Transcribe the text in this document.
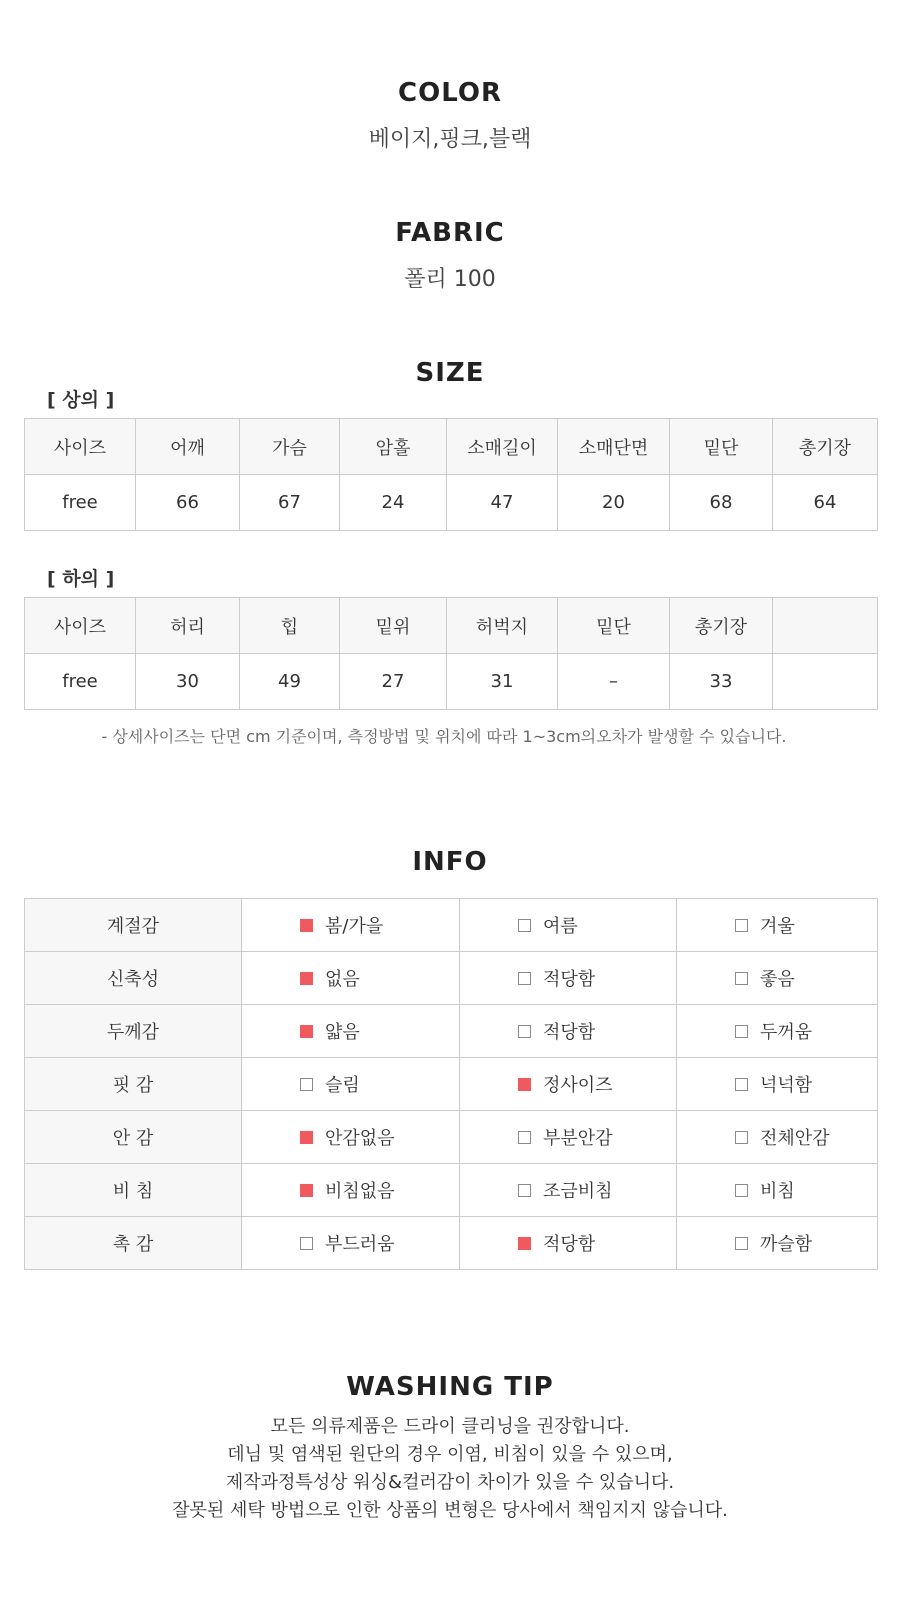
COLOR
베이지,핑크,블랙
FABRIC
폴리 100
SIZE
[ 상의 ]
사이즈	어깨	가슴	암홀	소매길이	소매단면	밑단	총기장
free	66	67	24	47	20	68	64
[ 하의 ]
사이즈	허리	힙	밑위	허벅지	밑단	총기장	
free	30	49	27	31	–	33	
- 상세사이즈는 단면 cm 기준이며, 측정방법 및 위치에 따라 1~3cm의오차가 발생할 수 있습니다.
INFO
계절감	봄/가을	여름	겨울

신축성	없음	적당함	좋음

두께감	얇음	적당함	두꺼움

핏 감	슬림	정사이즈	넉넉함

안 감	안감없음	부분안감	전체안감

비 침	비침없음	조금비침	비침

촉 감	부드러움	적당함	까슬함
WASHING TIP
모든 의류제품은 드라이 클리닝을 권장합니다.
데님 및 염색된 원단의 경우 이염, 비침이 있을 수 있으며,
제작과정특성상 워싱&컬러감이 차이가 있을 수 있습니다.
잘못된 세탁 방법으로 인한 상품의 변형은 당사에서 책임지지 않습니다.
